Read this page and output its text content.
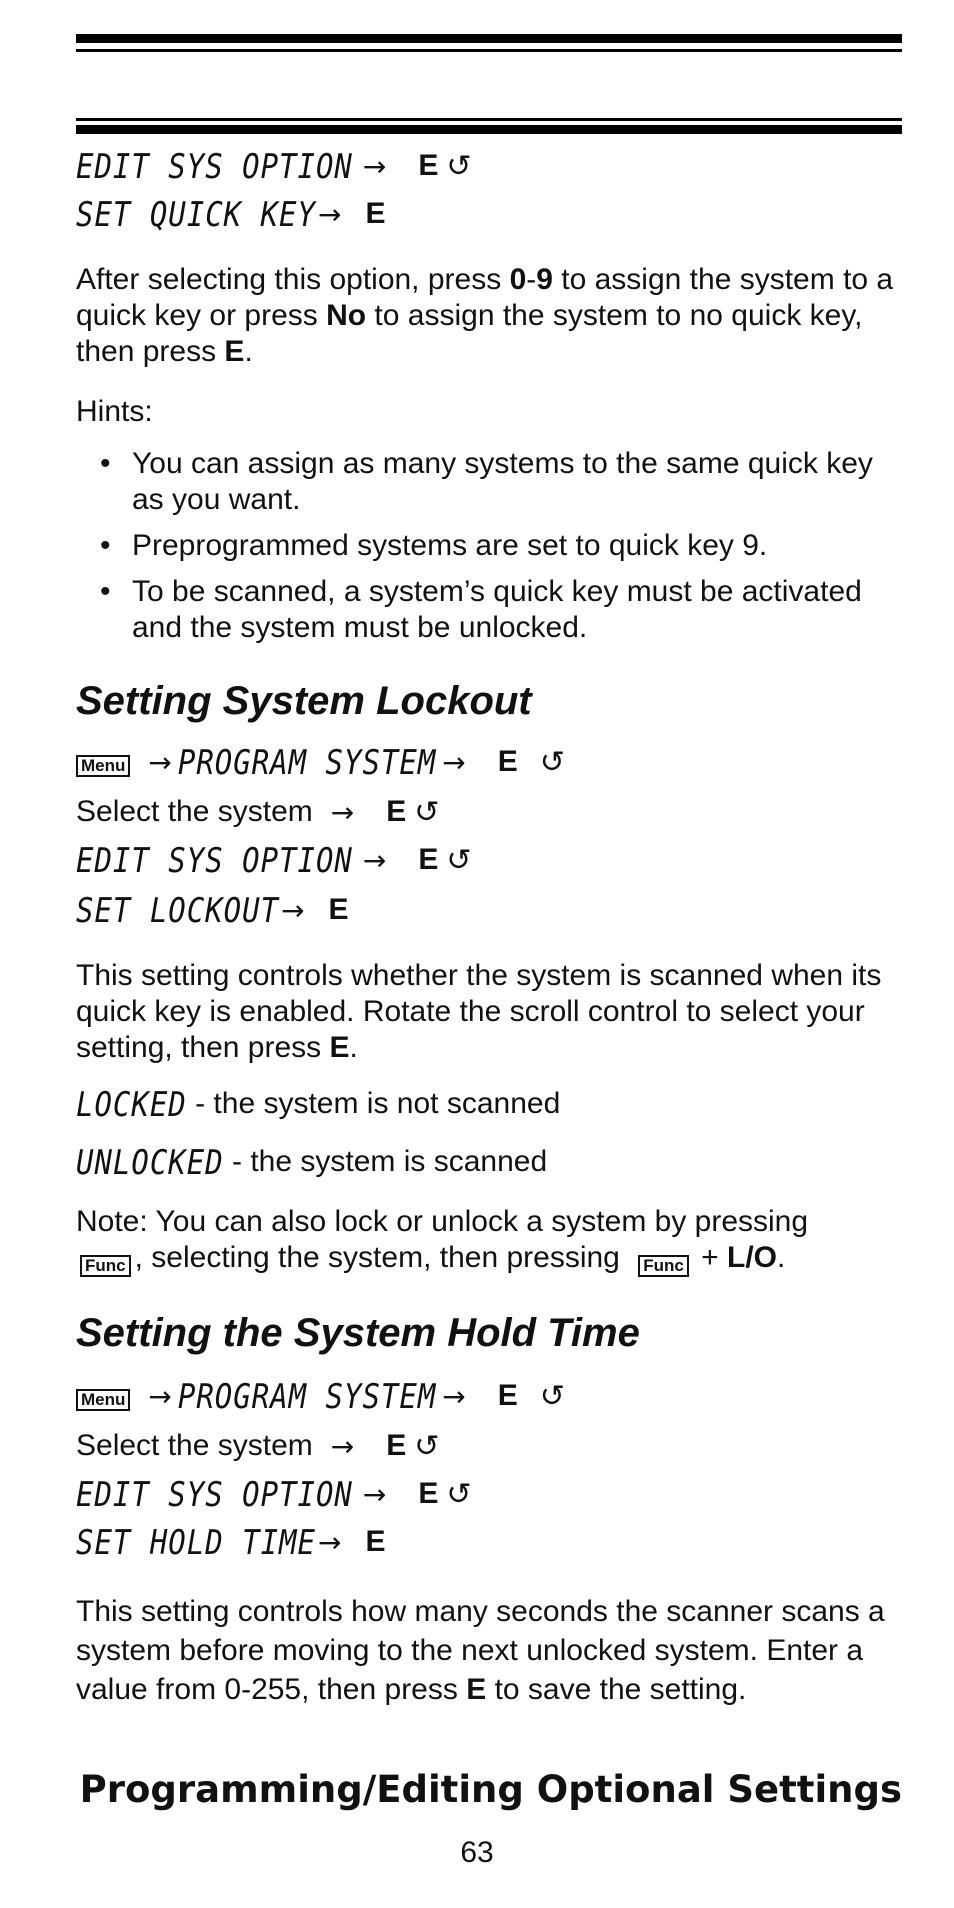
EDIT SYS OPTION → E ↺
SET QUICK KEY → E

After selecting this option, press 0-9 to assign the system to a quick key or press No to assign the system to no quick key, then press E.

Hints:

• You can assign as many systems to the same quick key as you want.
• Preprogrammed systems are set to quick key 9.
• To be scanned, a system’s quick key must be activated and the system must be unlocked.
Setting System Lockout
Menu → PROGRAM SYSTEM → E ↺
Select the system → E ↺
EDIT SYS OPTION → E ↺
SET LOCKOUT → E

This setting controls whether the system is scanned when its quick key is enabled. Rotate the scroll control to select your setting, then press E.

LOCKED - the system is not scanned
UNLOCKED - the system is scanned

Note: You can also lock or unlock a system by pressing
Func , selecting the system, then pressing Func + L/O.

Setting the System Hold Time
Menu → PROGRAM SYSTEM → E ↺
Select the system → E ↺
EDIT SYS OPTION → E ↺
SET HOLD TIME → E

This setting controls how many seconds the scanner scans a system before moving to the next unlocked system. Enter a value from 0-255, then press E to save the setting.

Programming/Editing Optional Settings

63
